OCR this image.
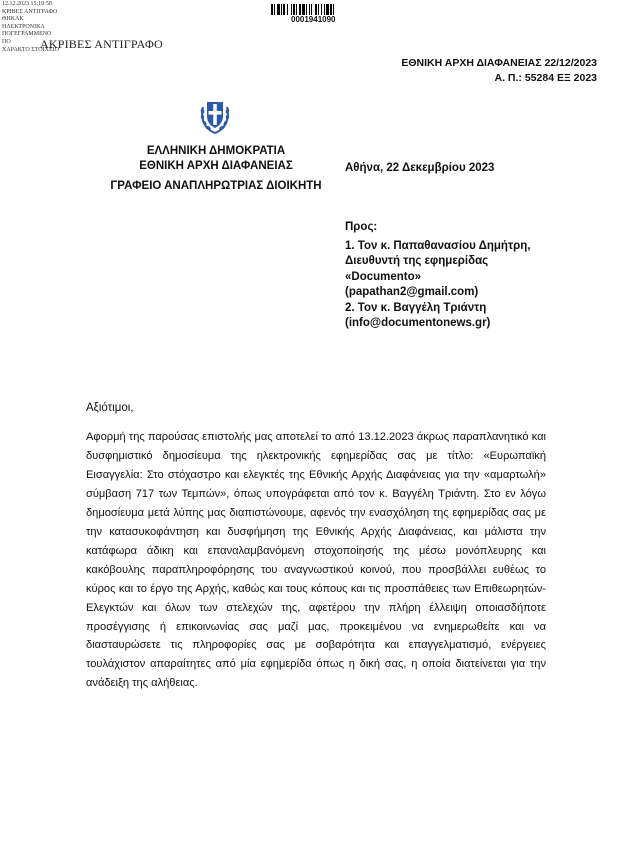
12.12.2023 15:19:58
ΚΡΙΒΕΣ ΑΝΤΙΓΡΑΦΟ
ΘΗΚΑΚ
ΗΛΕΚΤΡΟΝΙΚΑ
ΠΟΓΕΓΡΑΜΜΕΝΟ
ΠΟ
ΧΑΡΑΚΤΟ ΣΤΟΙΧΕΙΟ
ΑΚΡΙΒΕΣ ΑΝΤΙΓΡΑΦΟ
0001941090
ΕΘΝΙΚΗ ΑΡΧΗ ΔΙΑΦΑΝΕΙΑΣ 22/12/2023
Α. Π.: 55284 ΕΞ 2023
ΕΛΛΗΝΙΚΗ ΔΗΜΟΚΡΑΤΙΑ
ΕΘΝΙΚΗ ΑΡΧΗ ΔΙΑΦΑΝΕΙΑΣ
ΓΡΑΦΕΙΟ ΑΝΑΠΛΗΡΩΤΡΙΑΣ ΔΙΟΙΚΗΤΗ
Αθήνα, 22 Δεκεμβρίου 2023
Προς:
1. Τον κ. Παπαθανασίου Δημήτρη,
Διευθυντή της εφημερίδας
«Documento»
(papathan2@gmail.com)
2. Τον κ. Βαγγέλη Τριάντη
(info@documentonews.gr)
Αξιότιμοι,
Αφορμή της παρούσας επιστολής μας αποτελεί το από 13.12.2023 άκρως παραπλανητικό και δυσφημιστικό δημοσίευμα της ηλεκτρονικής εφημερίδας σας με τίτλο: «Ευρωπαϊκή Εισαγγελία: Στο στόχαστρο και ελεγκτές της Εθνικής Αρχής Διαφάνειας για την «αμαρτωλή» σύμβαση 717 των Τεμπών», όπως υπογράφεται από τον κ. Βαγγέλη Τριάντη. Στο εν λόγω δημοσίευμα μετά λύπης μας διαπιστώνουμε, αφενός την ενασχόληση της εφημερίδας σας με την κατασυκοφάντηση και δυσφήμηση της Εθνικής Αρχής Διαφάνειας, και μάλιστα την κατάφωρα άδικη και επαναλαμβανόμενη στοχοποίησής της μέσω μονόπλευρης και κακόβουλης παραπληροφόρησης του αναγνωστικού κοινού, που προσβάλλει ευθέως το κύρος και το έργο της Αρχής, καθώς και τους κόπους και τις προσπάθειες των Επιθεωρητών-Ελεγκτών και όλων των στελεχών της, αφετέρου την πλήρη έλλειψη οποιασδήποτε προσέγγισης ή επικοινωνίας σας μαζί μας, προκειμένου να ενημερωθείτε και να διασταυρώσετε τις πληροφορίες σας με σοβαρότητα και επαγγελματισμό, ενέργειες τουλάχιστον απαραίτητες από μία εφημερίδα όπως η δική σας, η οποία διατείνεται για την ανάδειξη της αλήθειας.
